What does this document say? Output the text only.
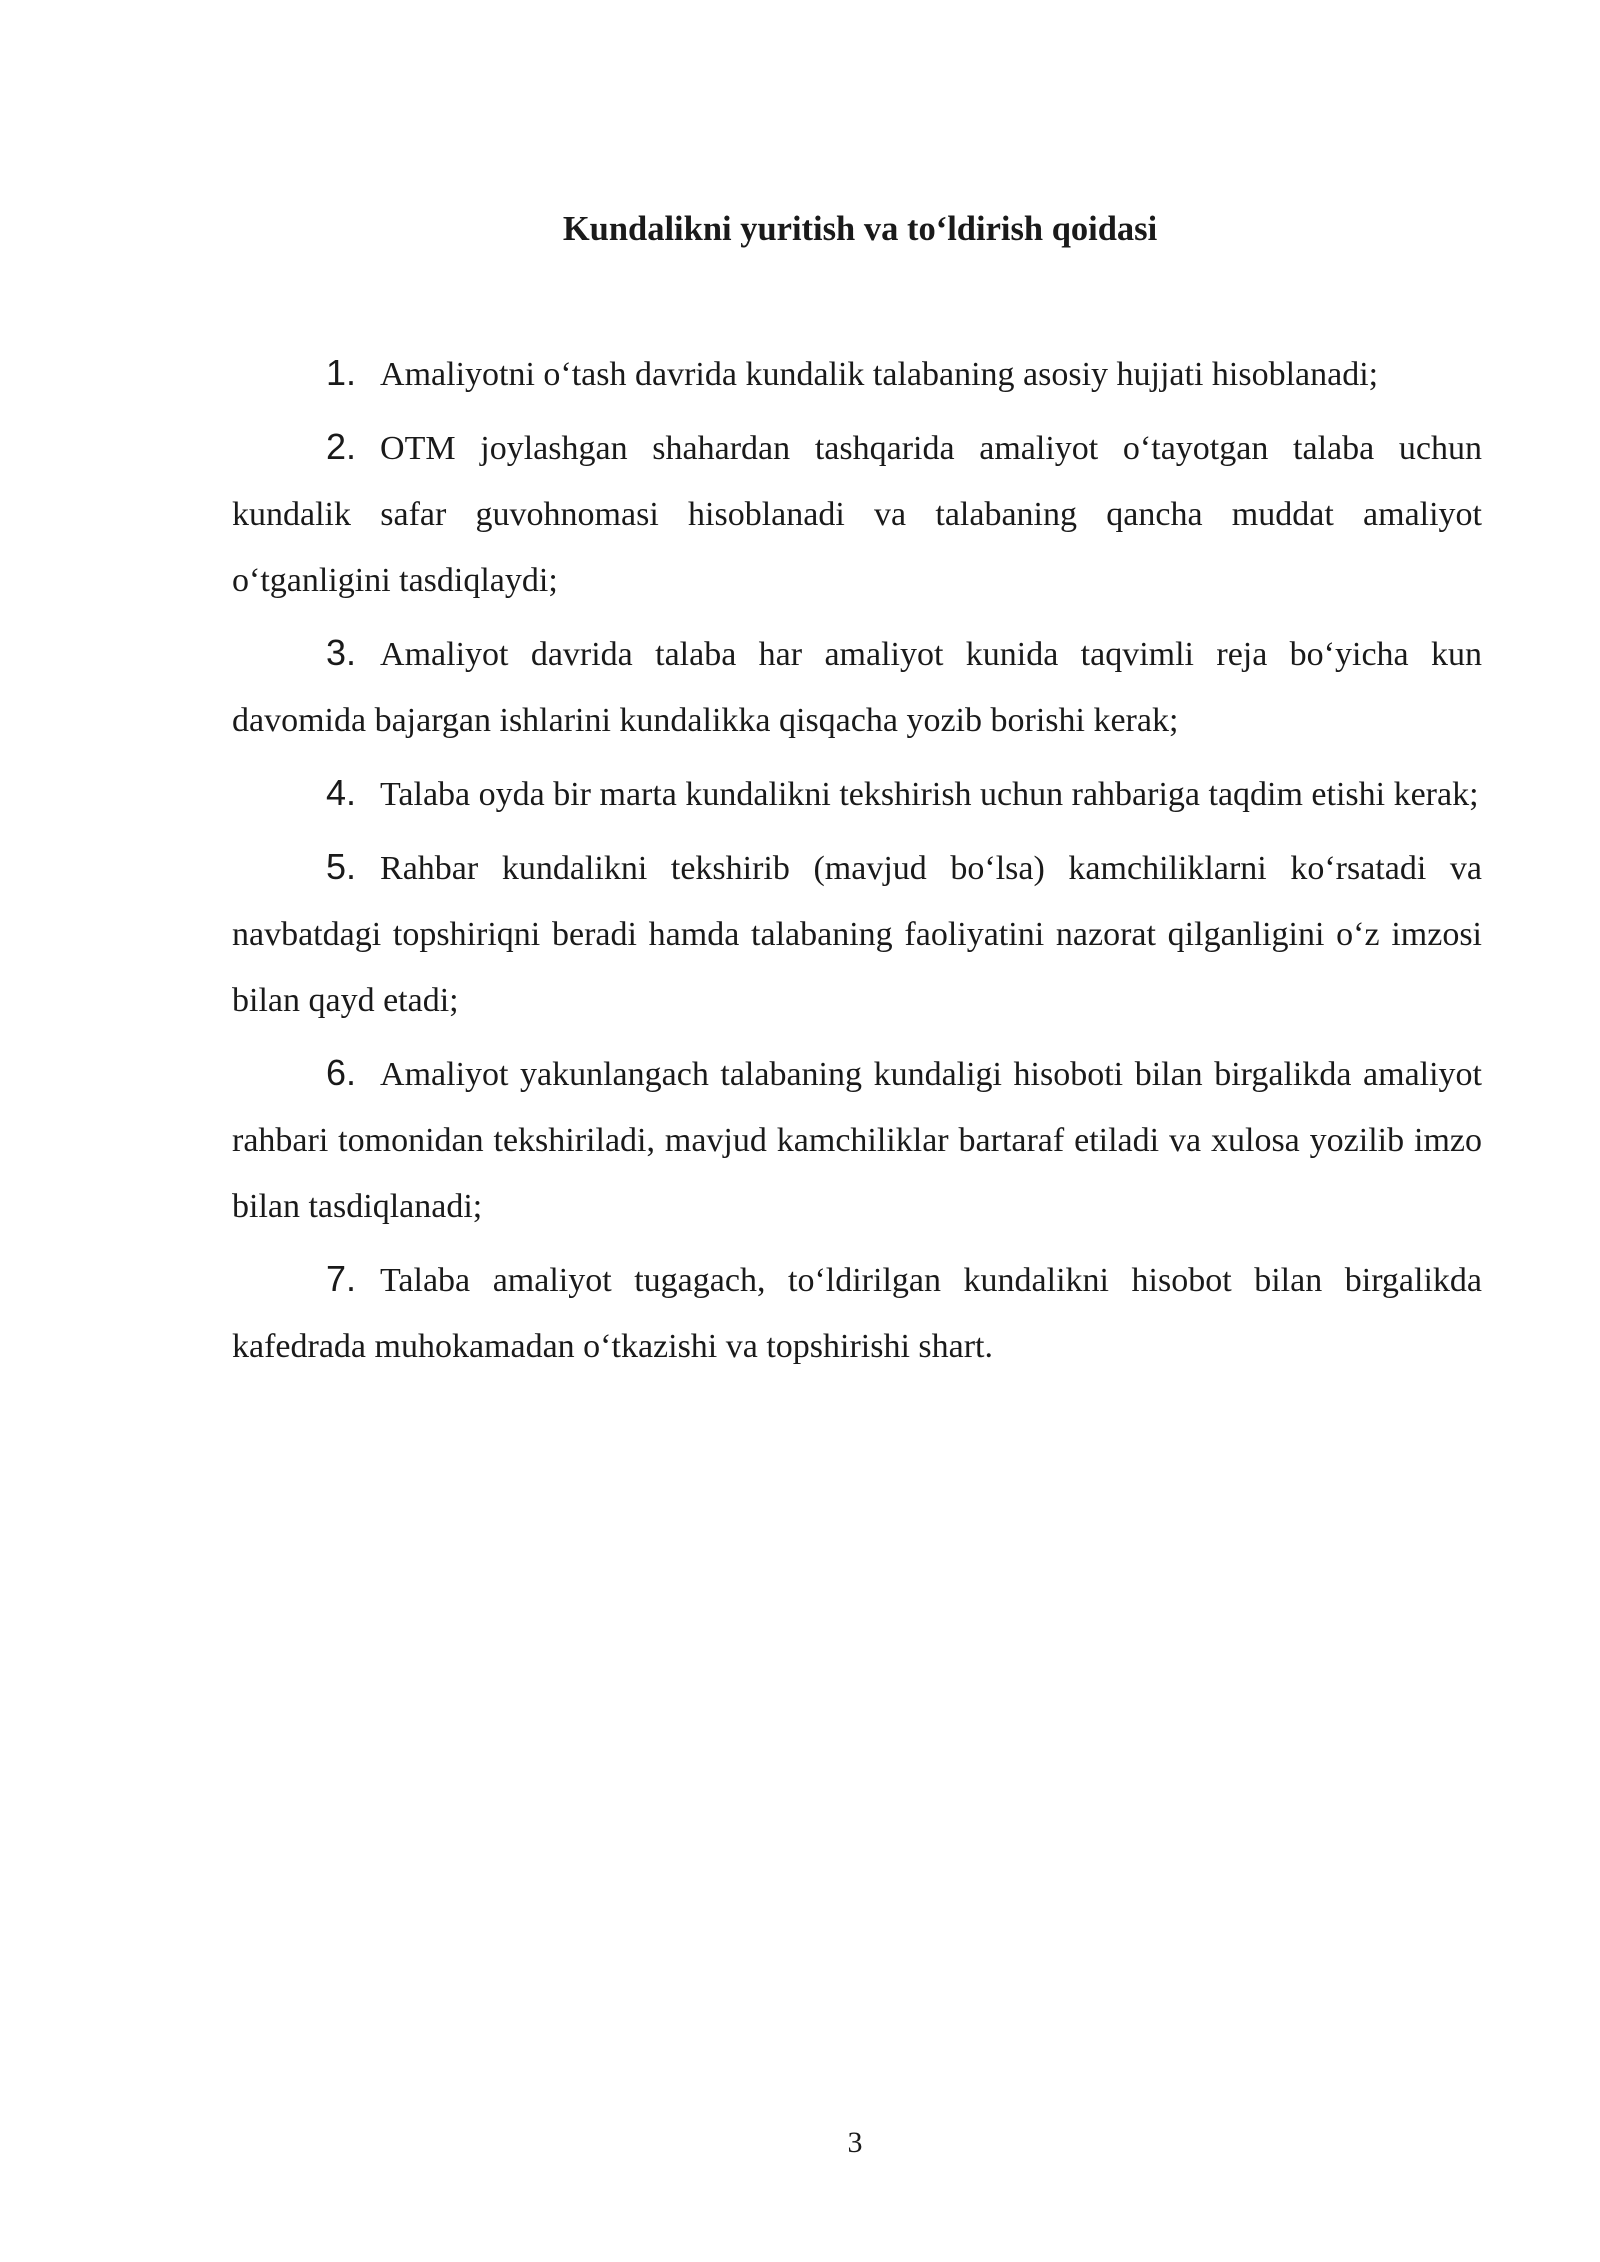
Kundalikni yuritish va to‘ldirish qoidasi

1. Amaliyotni o‘tash davrida kundalik talabaning asosiy hujjati hisoblanadi;

2. OTM joylashgan shahardan tashqarida amaliyot o‘tayotgan talaba uchun kundalik safar guvohnomasi hisoblanadi va talabaning qancha muddat amaliyot o‘tganligini tasdiqlaydi;

3. Amaliyot davrida talaba har amaliyot kunida taqvimli reja bo‘yicha kun davomida bajargan ishlarini kundalikka qisqacha yozib borishi kerak;

4. Talaba oyda bir marta kundalikni tekshirish uchun rahbariga taqdim etishi kerak;

5. Rahbar kundalikni tekshirib (mavjud bo‘lsa) kamchiliklarni ko‘rsatadi va navbatdagi topshiriqni beradi hamda talabaning faoliyatini nazorat qilganligini o‘z imzosi bilan qayd etadi;

6. Amaliyot yakunlangach talabaning kundaligi hisoboti bilan birgalikda amaliyot rahbari tomonidan tekshiriladi, mavjud kamchiliklar bartaraf etiladi va xulosa yozilib imzo bilan tasdiqlanadi;

7. Talaba amaliyot tugagach, to‘ldirilgan kundalikni hisobot bilan birgalikda kafedrada muhokamadan o‘tkazishi va topshirishi shart.

3
